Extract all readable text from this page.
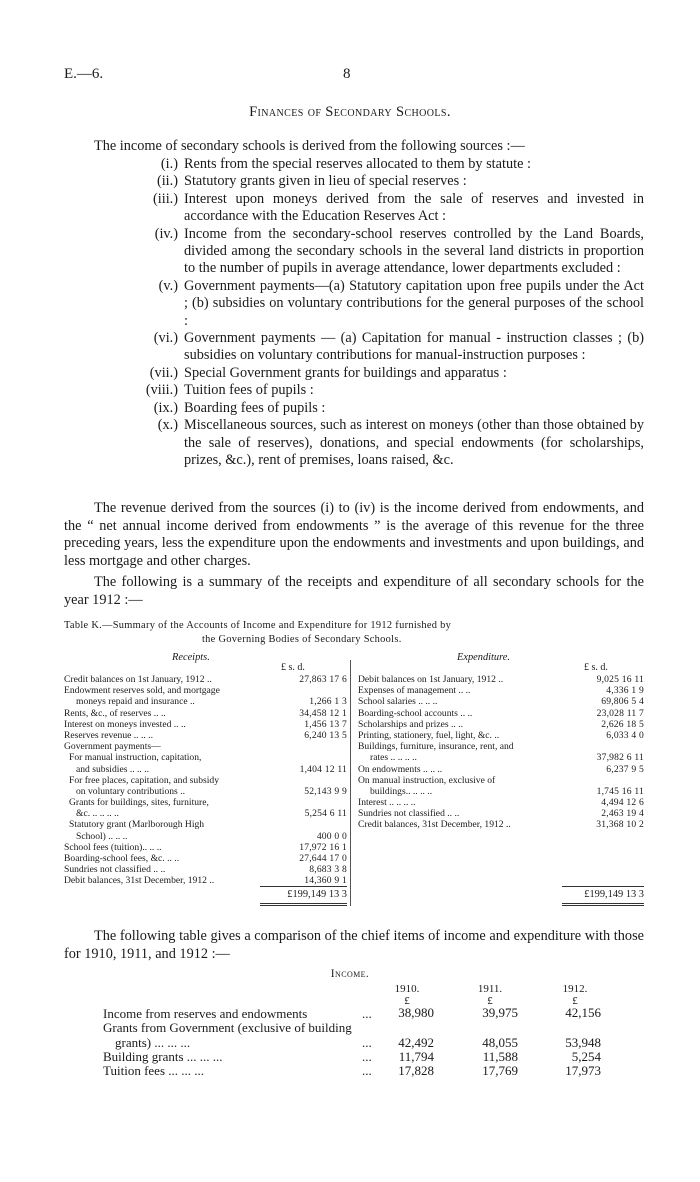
E.—6.	8
Finances of Secondary Schools.
The income of secondary schools is derived from the following sources :—
(i.) Rents from the special reserves allocated to them by statute :
(ii.) Statutory grants given in lieu of special reserves :
(iii.) Interest upon moneys derived from the sale of reserves and invested in accordance with the Education Reserves Act :
(iv.) Income from the secondary-school reserves controlled by the Land Boards, divided among the secondary schools in the several land districts in proportion to the number of pupils in average attendance, lower departments excluded :
(v.) Government payments—(a) Statutory capitation upon free pupils under the Act ; (b) subsidies on voluntary contributions for the general purposes of the school :
(vi.) Government payments — (a) Capitation for manual - instruction classes ; (b) subsidies on voluntary contributions for manual-instruction purposes :
(vii.) Special Government grants for buildings and apparatus :
(viii.) Tuition fees of pupils :
(ix.) Boarding fees of pupils :
(x.) Miscellaneous sources, such as interest on moneys (other than those obtained by the sale of reserves), donations, and special endowments (for scholarships, prizes, &c.), rent of premises, loans raised, &c.
The revenue derived from the sources (i) to (iv) is the income derived from endowments, and the “ net annual income derived from endowments ” is the average of this revenue for the three preceding years, less the expenditure upon the endowments and investments and upon buildings, and less mortgage and other charges.
The following is a summary of the receipts and expenditure of all secondary schools for the year 1912 :—
Table K.—Summary of the Accounts of Income and Expenditure for 1912 furnished by
the Governing Bodies of Secondary Schools.
Receipts.	Expenditure.
£ s. d.	£ s. d.
Credit balances on 1st January, 1912 ..	27,863 17 6
Endowment reserves sold, and mortgage
moneys repaid and insurance ..	1,266 1 3
Rents, &c., of reserves .. ..	34,458 12 1
Interest on moneys invested .. ..	1,456 13 7
Reserves revenue .. .. ..	6,240 13 5
Government payments—
For manual instruction, capitation,
and subsidies .. .. ..	1,404 12 11
For free places, capitation, and subsidy
on voluntary contributions ..	52,143 9 9
Grants for buildings, sites, furniture,
&c. .. .. .. ..	5,254 6 11
Statutory grant (Marlborough High
School) .. .. ..	400 0 0
School fees (tuition).. .. ..	17,972 16 1
Boarding-school fees, &c. .. ..	27,644 17 0
Sundries not classified .. ..	8,683 3 8
Debit balances, 31st December, 1912 ..	14,360 9 1
Debit balances on 1st January, 1912 ..	9,025 16 11
Expenses of management .. ..	4,336 1 9
School salaries .. .. ..	69,806 5 4
Boarding-school accounts .. ..	23,028 11 7
Scholarships and prizes .. ..	2,626 18 5
Printing, stationery, fuel, light, &c. ..	6,033 4 0
Buildings, furniture, insurance, rent, and
rates .. .. .. ..	37,982 6 11
On endowments .. .. ..	6,237 9 5
On manual instruction, exclusive of
buildings.. .. .. ..	1,745 16 11
Interest .. .. .. ..	4,494 12 6
Sundries not classified .. ..	2,463 19 4
Credit balances, 31st December, 1912 ..	31,368 10 2
£199,149 13 3	£199,149 13 3
The following table gives a comparison of the chief items of income and expenditure with those for 1910, 1911, and 1912 :—
Income.
1910.	1911.	1912.
£	£	£
Income from reserves and endowments	...	38,980	39,975	42,156
Grants from Government (exclusive of building
grants) ... ... ...	...	42,492	48,055	53,948
Building grants ... ... ...	...	11,794	11,588	5,254
Tuition fees ... ... ...	...	17,828	17,769	17,973
